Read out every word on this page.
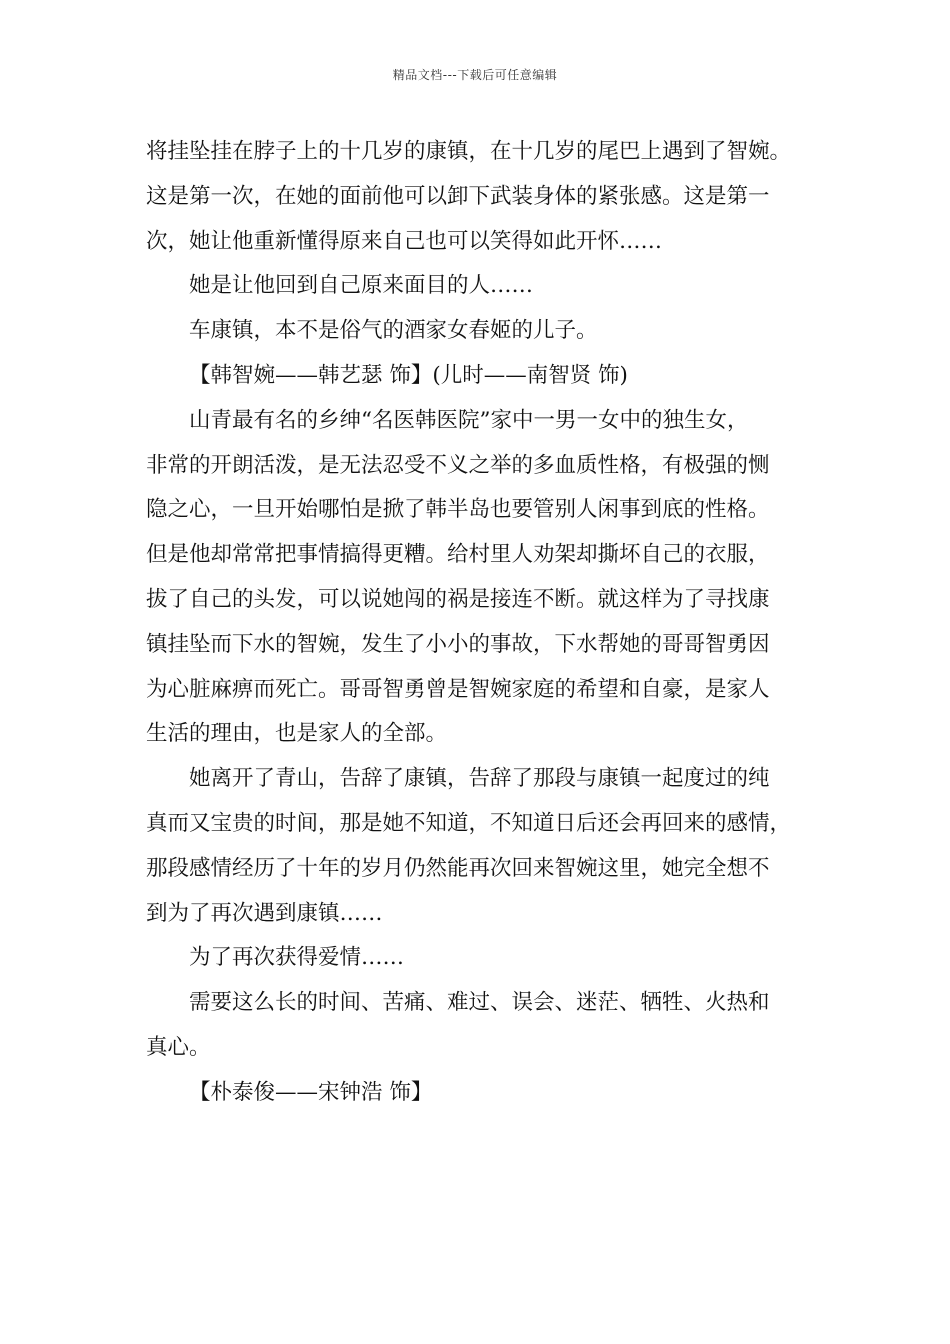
精品文档---下载后可任意编辑

将挂坠挂在脖子上的十几岁的康镇，在十几岁的尾巴上遇到了智婉。
这是第一次，在她的面前他可以卸下武装身体的紧张感。这是第一
次，她让他重新懂得原来自己也可以笑得如此开怀……

她是让他回到自己原来面目的人……

车康镇，本不是俗气的酒家女春姬的儿子。

【韩智婉——韩艺瑟 饰】(儿时——南智贤 饰)

山青最有名的乡绅“名医韩医院”家中一男一女中的独生女，
非常的开朗活泼，是无法忍受不义之举的多血质性格，有极强的恻
隐之心，一旦开始哪怕是掀了韩半岛也要管别人闲事到底的性格。
但是他却常常把事情搞得更糟。给村里人劝架却撕坏自己的衣服，
拔了自己的头发，可以说她闯的祸是接连不断。就这样为了寻找康
镇挂坠而下水的智婉，发生了小小的事故，下水帮她的哥哥智勇因
为心脏麻痹而死亡。哥哥智勇曾是智婉家庭的希望和自豪，是家人
生活的理由，也是家人的全部。

她离开了青山，告辞了康镇，告辞了那段与康镇一起度过的纯
真而又宝贵的时间，那是她不知道，不知道日后还会再回来的感情，
那段感情经历了十年的岁月仍然能再次回来智婉这里，她完全想不
到为了再次遇到康镇……

为了再次获得爱情……

需要这么长的时间、苦痛、难过、误会、迷茫、牺牲、火热和
真心。

【朴泰俊——宋钟浩 饰】
